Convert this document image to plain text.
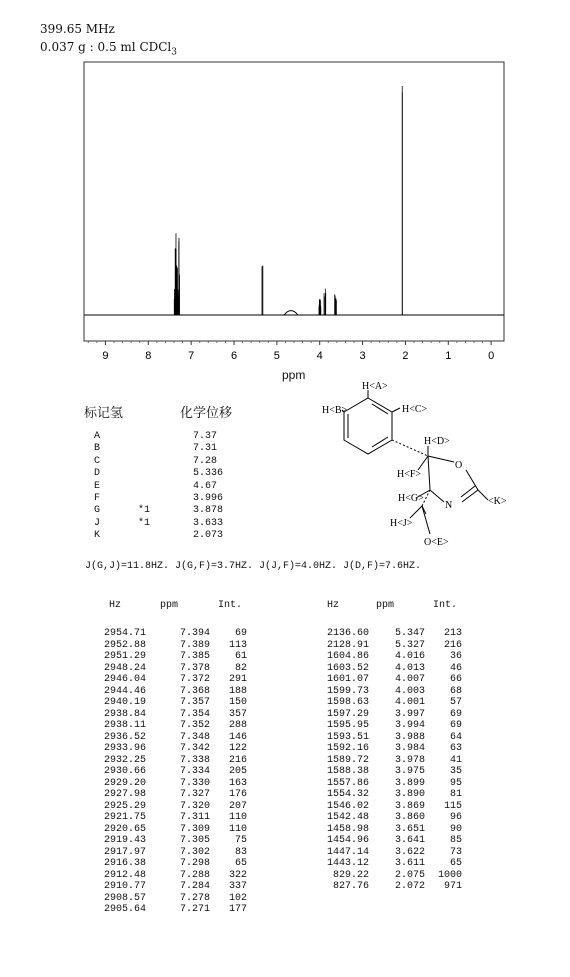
399.65 MHz
0.037 g : 0.5 ml CDCl$_3$
9	8	7	6	5	4	3	2	1	0
ppm
标记氢	化学位移
A	7.37
B	7.31
C	7.28
D	5.336
E	4.67
F	3.996
G	*1	3.878
J	*1	3.633
K	2.073
H<A>
H<B>	H<C>
H<D>
H<F>
H<G>
H<J>
O
N	<K>
O<E>
J(G,J)=11.8HZ. J(G,F)=3.7HZ. J(J,F)=4.0HZ. J(D,F)=7.6HZ.
Hz	ppm	Int.	Hz	ppm	Int.
2954.71	7.394 69
2952.88	7.389 113
2951.29	7.385 61
2948.24	7.378 82
2946.04	7.372 291
2944.46	7.368 188
2940.19	7.357 150
2938.84	7.354 357
2938.11	7.352 288
2936.52	7.348 146
2933.96	7.342 122
2932.25	7.338 216
2930.66	7.334 205
2929.20	7.330 163
2927.98	7.327 176
2925.29	7.320 207
2921.75	7.311 110
2920.65	7.309 110
2919.43	7.305 75
2917.97	7.302 83
2916.38	7.298 65
2912.48	7.288 322
2910.77	7.284 337
2908.57	7.278 102
2905.64	7.271 177
2136.60	5.347 213
2128.91	5.327 216
1604.86	4.016 36
1603.52	4.013 46
1601.07	4.007 66
1599.73	4.003 68
1598.63	4.001 57
1597.29	3.997 69
1595.95	3.994 69
1593.51	3.988 64
1592.16	3.984 63
1589.72	3.978 41
1588.38	3.975 35
1557.86	3.899 95
1554.32	3.890 81
1546.02	3.869 115
1542.48	3.860 96
1458.98	3.651 90
1454.96	3.641 85
1447.14	3.622 73
1443.12	3.611 65
829.22	2.075 1000
827.76	2.072 971
